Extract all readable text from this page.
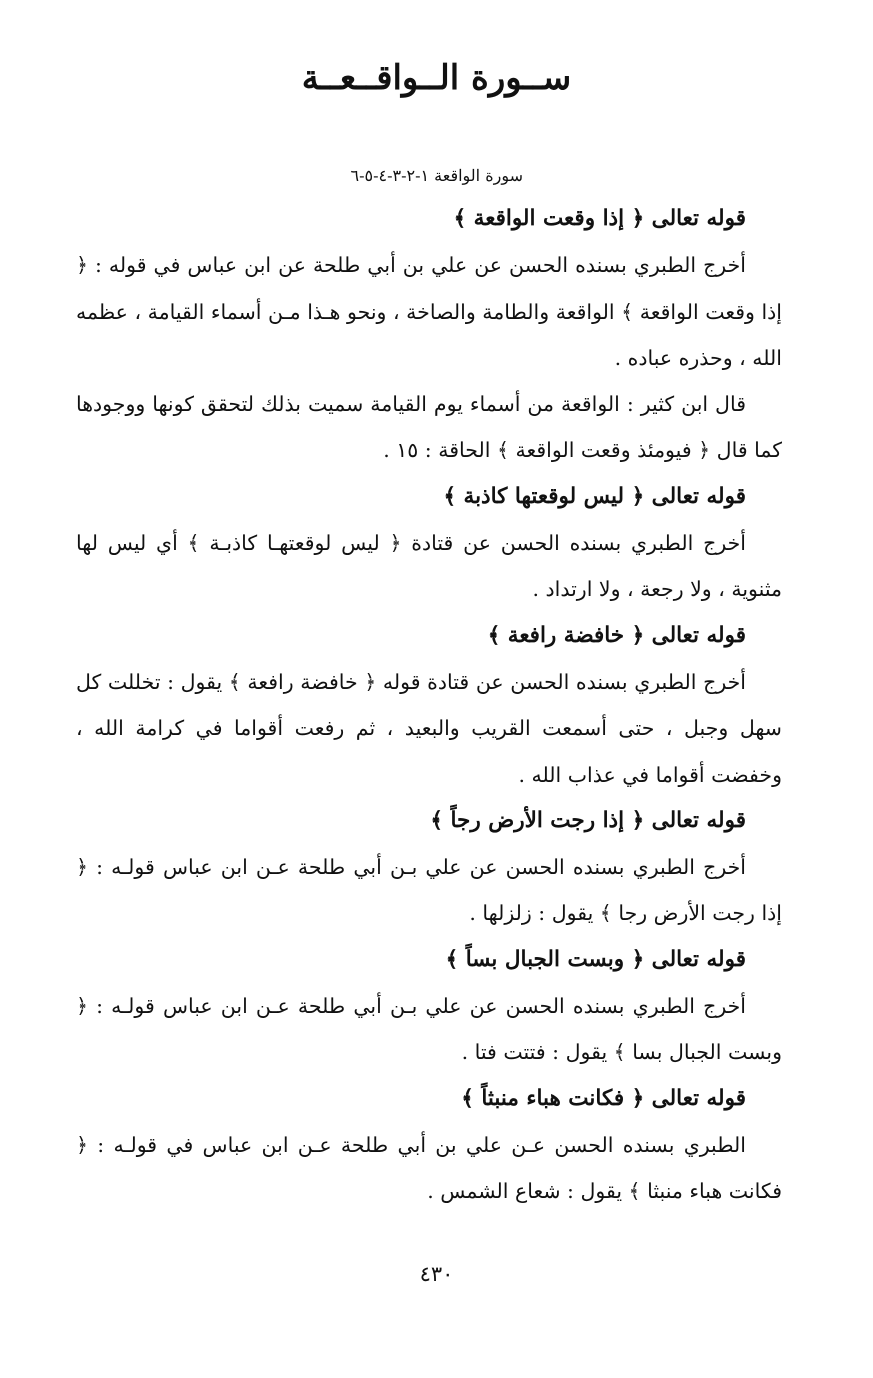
ســورة الــواقــعــة
سورة الواقعة ١-٢-٣-٤-٥-٦

قوله تعالى ﴿ إذا وقعت الواقعة ﴾

أخرج الطبري بسنده الحسن عن علي بن أبي طلحة عن ابن عباس في قوله : ﴿ إذا وقعت الواقعة ﴾ الواقعة والطامة والصاخة ، ونحو هـذا مـن أسماء القيامة ، عظمه الله ، وحذره عباده .

قال ابن كثير : الواقعة من أسماء يوم القيامة سميت بذلك لتحقق كونها ووجودها كما قال ﴿ فيومئذ وقعت الواقعة ﴾ الحاقة : ١٥ .

قوله تعالى ﴿ ليس لوقعتها كاذبة ﴾

أخرج الطبري بسنده الحسن عن قتادة ﴿ ليس لوقعتهـا كاذبـة ﴾ أي ليس لها مثنوية ، ولا رجعة ، ولا ارتداد .

قوله تعالى ﴿ خافضة رافعة ﴾

أخرج الطبري بسنده الحسن عن قتادة قوله ﴿ خافضة رافعة ﴾ يقول : تخللت كل سهل وجبل ، حتى أسمعت القريب والبعيد ، ثم رفعت أقواما في كرامة الله ، وخفضت أقواما في عذاب الله .

قوله تعالى ﴿ إذا رجت الأرض رجاً ﴾

أخرج الطبري بسنده الحسن عن علي بـن أبي طلحة عـن ابن عباس قولـه : ﴿ إذا رجت الأرض رجا ﴾ يقول : زلزلها .

قوله تعالى ﴿ وبست الجبال بساً ﴾

أخرج الطبري بسنده الحسن عن علي بـن أبي طلحة عـن ابن عباس قولـه : ﴿ وبست الجبال بسا ﴾ يقول : فتتت فتا .

قوله تعالى ﴿ فكانت هباء منبثاً ﴾

الطبري بسنده الحسن عـن علي بن أبي طلحة عـن ابن عباس في قولـه : ﴿ فكانت هباء منبثا ﴾ يقول : شعاع الشمس .

٤٣٠
